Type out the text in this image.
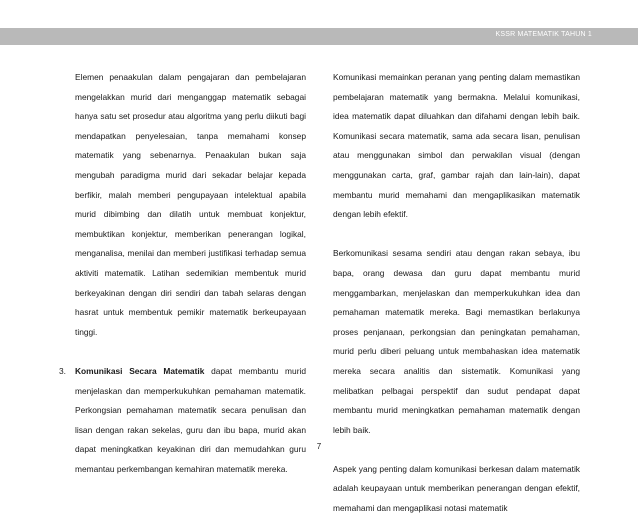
KSSR MATEMATIK TAHUN 1

Elemen penaakulan dalam pengajaran dan pembelajaran mengelakkan murid dari menganggap matematik sebagai hanya satu set prosedur atau algoritma yang perlu diikuti bagi mendapatkan penyelesaian, tanpa memahami konsep matematik yang sebenarnya. Penaakulan bukan saja mengubah paradigma murid dari sekadar belajar kepada berfikir, malah memberi pengupayaan intelektual apabila murid dibimbing dan dilatih untuk membuat konjektur, membuktikan konjektur, memberikan penerangan logikal, menganalisa, menilai dan memberi justifikasi terhadap semua aktiviti matematik. Latihan sedemikian membentuk murid berkeyakinan dengan diri sendiri dan tabah selaras dengan hasrat untuk membentuk pemikir matematik berkeupayaan tinggi.

3. Komunikasi Secara Matematik dapat membantu murid menjelaskan dan memperkukuhkan pemahaman matematik. Perkongsian pemahaman matematik secara penulisan dan lisan dengan rakan sekelas, guru dan ibu bapa, murid akan dapat meningkatkan keyakinan diri dan memudahkan guru memantau perkembangan kemahiran matematik mereka.

Komunikasi memainkan peranan yang penting dalam memastikan pembelajaran matematik yang bermakna. Melalui komunikasi, idea matematik dapat diluahkan dan difahami dengan lebih baik. Komunikasi secara matematik, sama ada secara lisan, penulisan atau menggunakan simbol dan perwakilan visual (dengan menggunakan carta, graf, gambar rajah dan lain-lain), dapat membantu murid memahami dan mengaplikasikan matematik dengan lebih efektif.

Berkomunikasi sesama sendiri atau dengan rakan sebaya, ibu bapa, orang dewasa dan guru dapat membantu murid menggambarkan, menjelaskan dan memperkukuhkan idea dan pemahaman matematik mereka. Bagi memastikan berlakunya proses penjanaan, perkongsian dan peningkatan pemahaman, murid perlu diberi peluang untuk membahaskan idea matematik mereka secara analitis dan sistematik. Komunikasi yang melibatkan pelbagai perspektif dan sudut pendapat dapat membantu murid meningkatkan pemahaman matematik dengan lebih baik.

Aspek yang penting dalam komunikasi berkesan dalam matematik adalah keupayaan untuk memberikan penerangan dengan efektif, memahami dan mengaplikasi notasi matematik

7
